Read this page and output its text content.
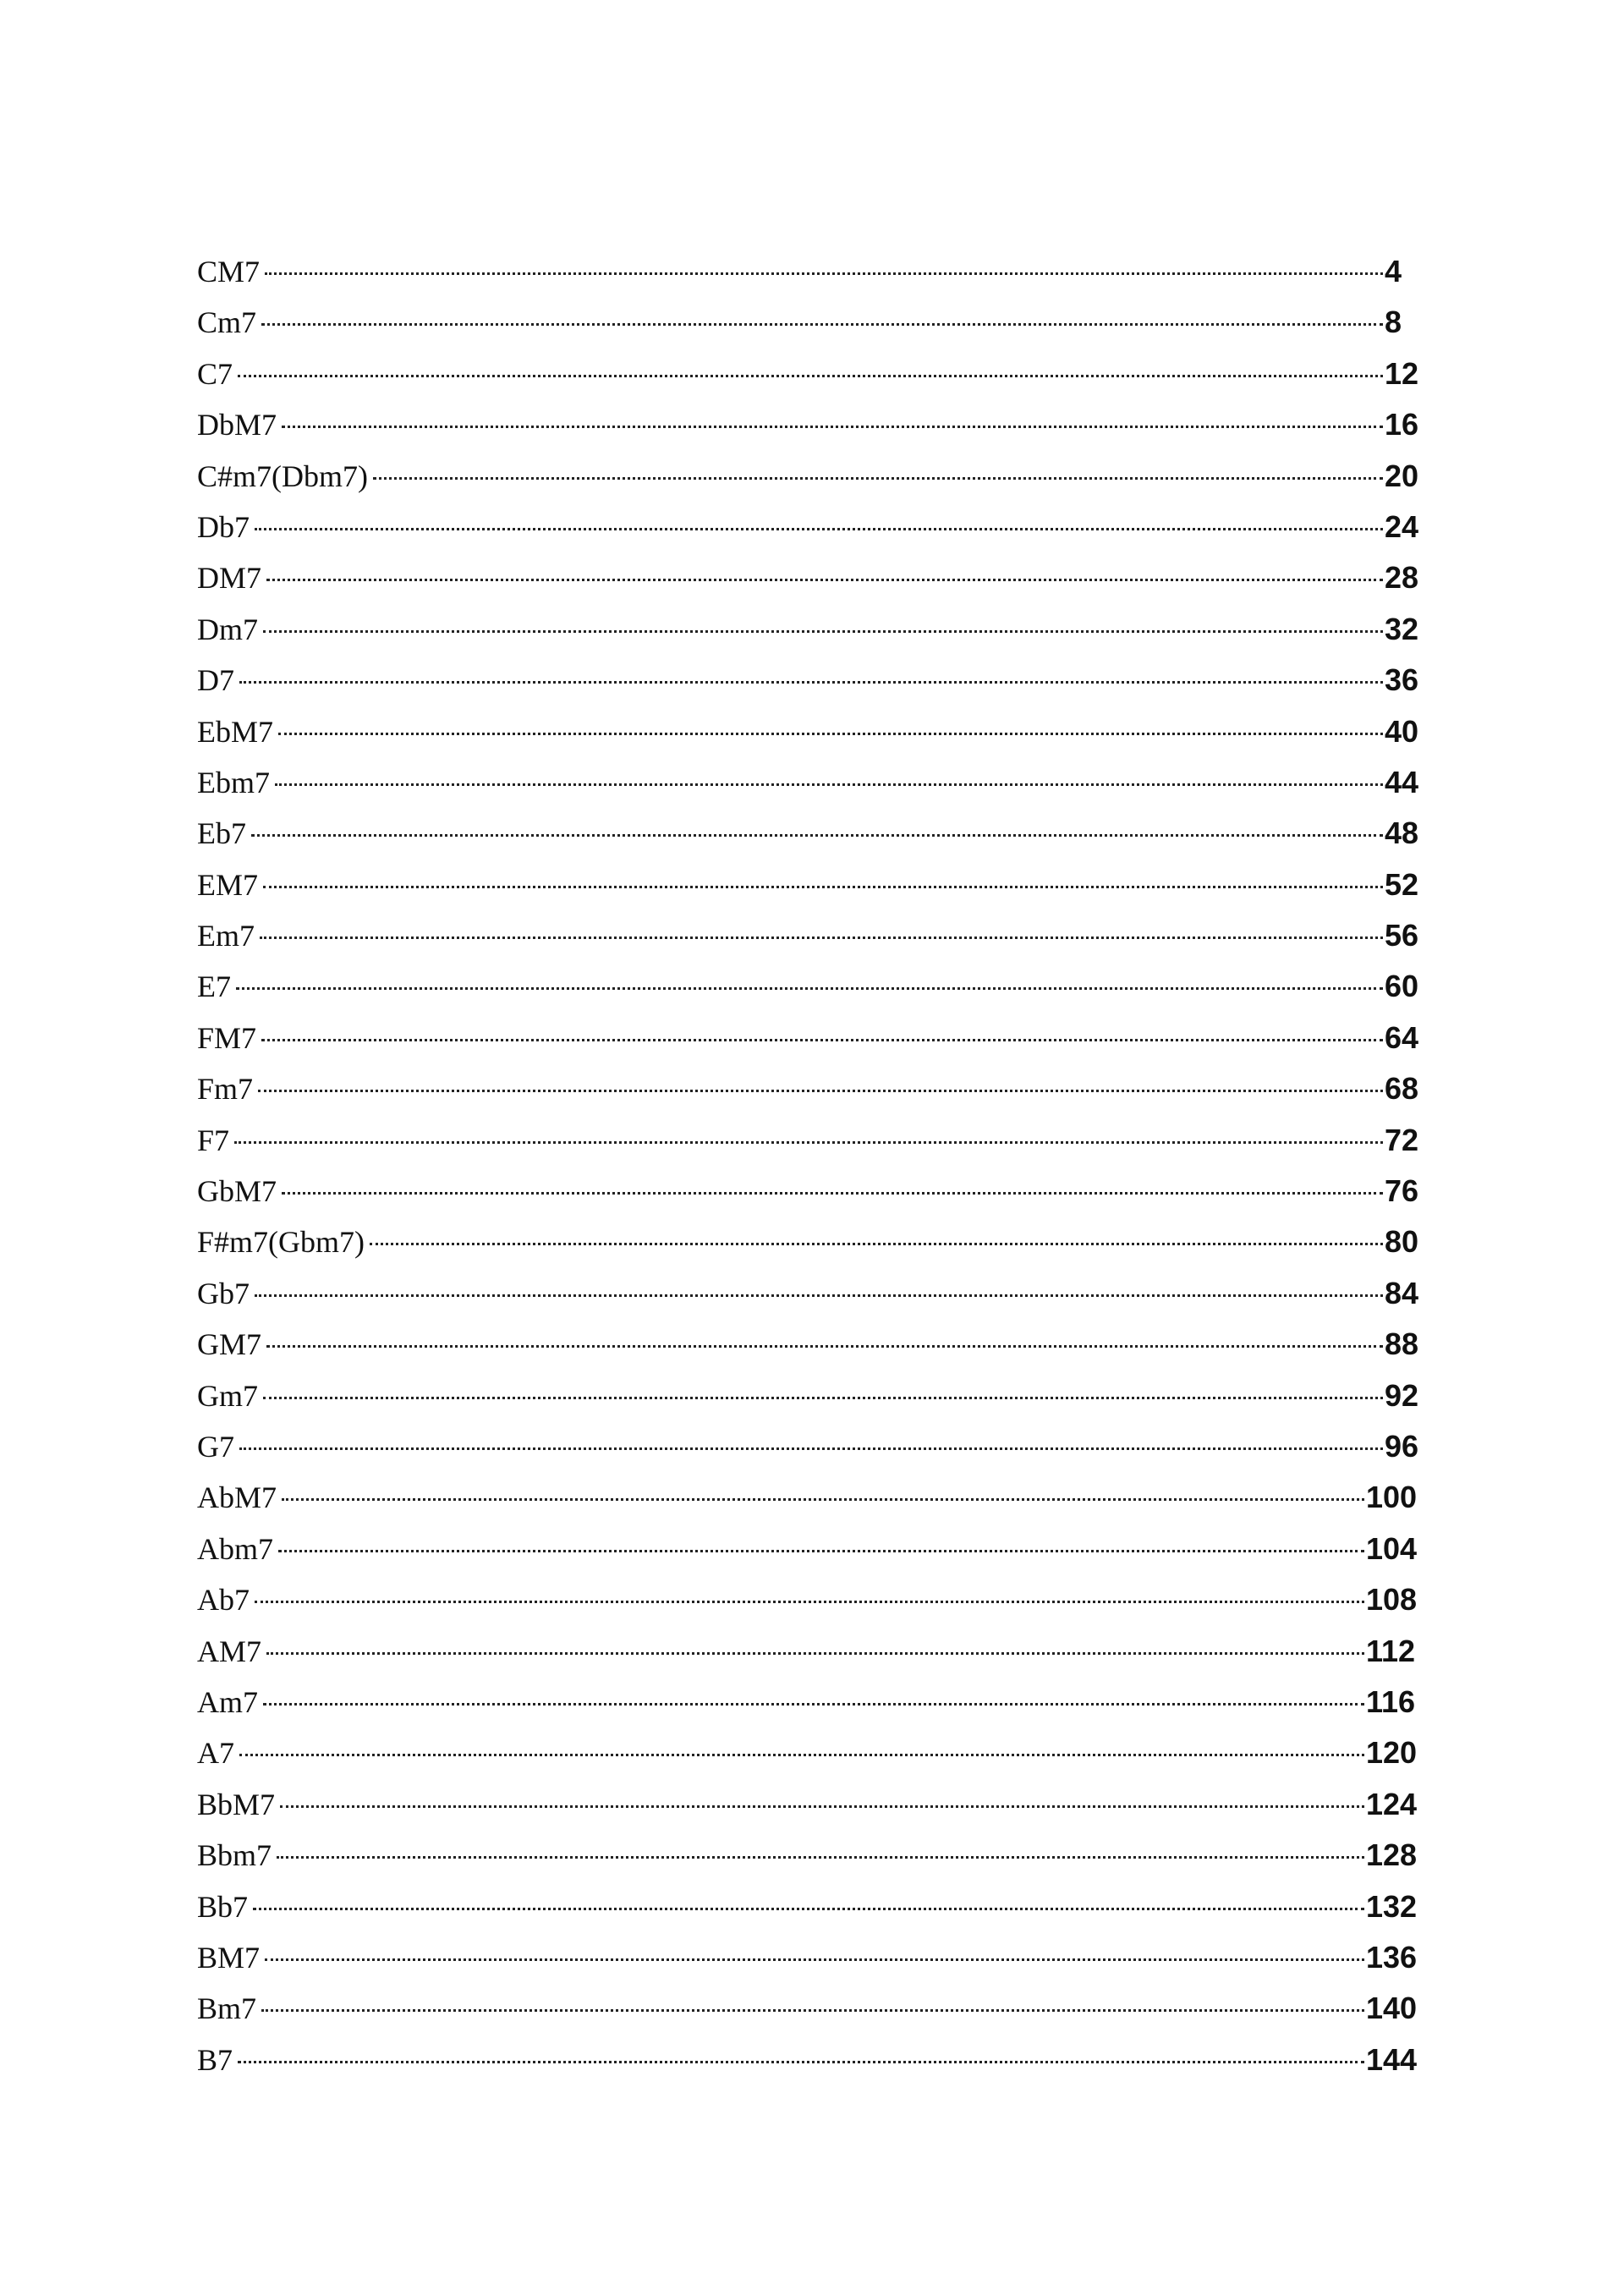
CM7	4
Cm7	8
C7	12
DbM7	16
C#m7(Dbm7)	20
Db7	24
DM7	28
Dm7	32
D7	36
EbM7	40
Ebm7	44
Eb7	48
EM7	52
Em7	56
E7	60
FM7	64
Fm7	68
F7	72
GbM7	76
F#m7(Gbm7)	80
Gb7	84
GM7	88
Gm7	92
G7	96
AbM7	100
Abm7	104
Ab7	108
AM7	112
Am7	116
A7	120
BbM7	124
Bbm7	128
Bb7	132
BM7	136
Bm7	140
B7	144
